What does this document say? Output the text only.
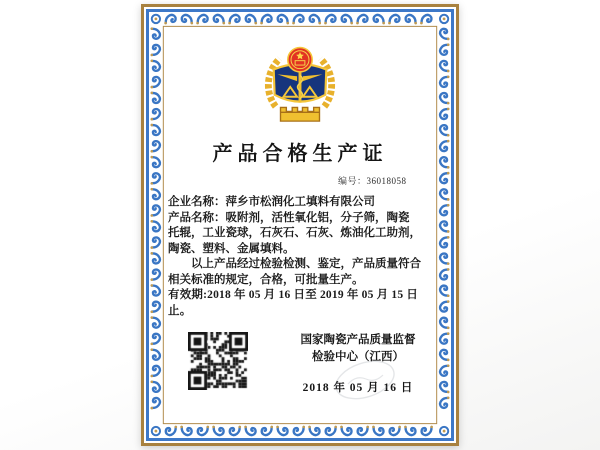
产品合格生产证
编号：36018058
企业名称：萍乡市松润化工填料有限公司
产品名称：吸附剂，活性氧化铝，分子筛，陶瓷
托辊，工业瓷球，石灰石、石灰、炼油化工助剂，
陶瓷、塑料、金属填料。
以上产品经过检验检测、鉴定，产品质量符合
相关标准的规定，合格，可批量生产。
有效期:2018 年 05 月 16 日至 2019 年 05 月 15 日止。
国家陶瓷产品质量监督
检验中心（江西）
2018 年 05 月 16 日
